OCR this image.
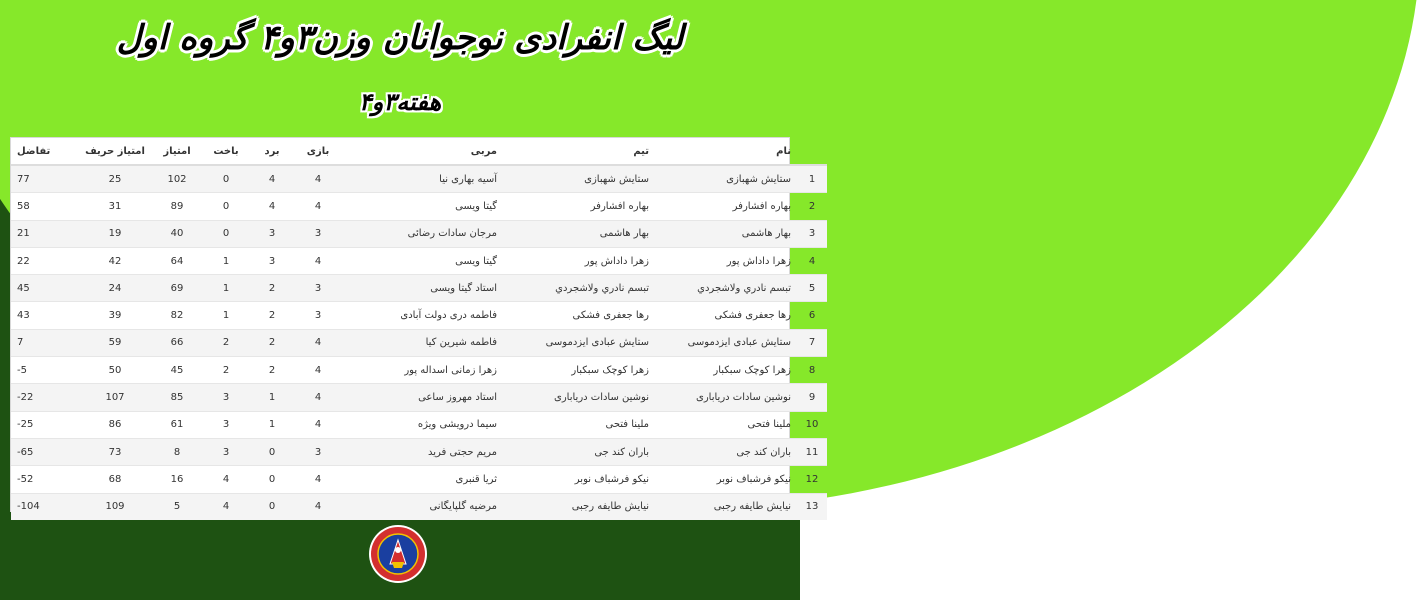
لیگ انفرادی نوجوانان وزن۳و۴ گروه اول
هفته۳و۴
	نام	تیم	مربی	بازی	برد	باخت	امتیاز	امتیاز حریف	تفاضل
1	ستایش شهبازی	ستایش شهبازی	آسیه بهاری نیا	4	4	0	102	25	77
2	بهاره افشارفر	بهاره افشارفر	گیتا ویسی	4	4	0	89	31	58
3	بهار هاشمی	بهار هاشمی	مرجان سادات رضائی	3	3	0	40	19	21
4	زهرا داداش پور	زهرا داداش پور	گیتا ویسی	4	3	1	64	42	22
5	تبسم نادري ولاشجردي	تبسم نادري ولاشجردي	استاد گیتا ویسی	3	2	1	69	24	45
6	رها جعفری فشکی	رها جعفری فشکی	فاطمه دری دولت آبادی	3	2	1	82	39	43
7	ستایش عبادی ایزدموسی	ستایش عبادی ایزدموسی	فاطمه شیرین کیا	4	2	2	66	59	7
8	زهرا کوچک سبکبار	زهرا کوچک سبکبار	زهرا زمانی اسداله پور	4	2	2	45	50	5-
9	نوشین سادات دریاباری	نوشین سادات دریاباری	استاد مهروز ساعی	4	1	3	85	107	22-
10	ملینا فتحی	ملینا فتحی	سیما درویشی ویژه	4	1	3	61	86	25-
11	باران کند جی	باران کند جی	مریم حجتی فرید	3	0	3	8	73	65-
12	نیکو فرشباف نوبر	نیکو فرشباف نوبر	ثریا قنبری	4	0	4	16	68	52-
13	نیایش طایفه رجبی	نیایش طایفه رجبی	مرضیه گلپایگانی	4	0	4	5	109	104-
